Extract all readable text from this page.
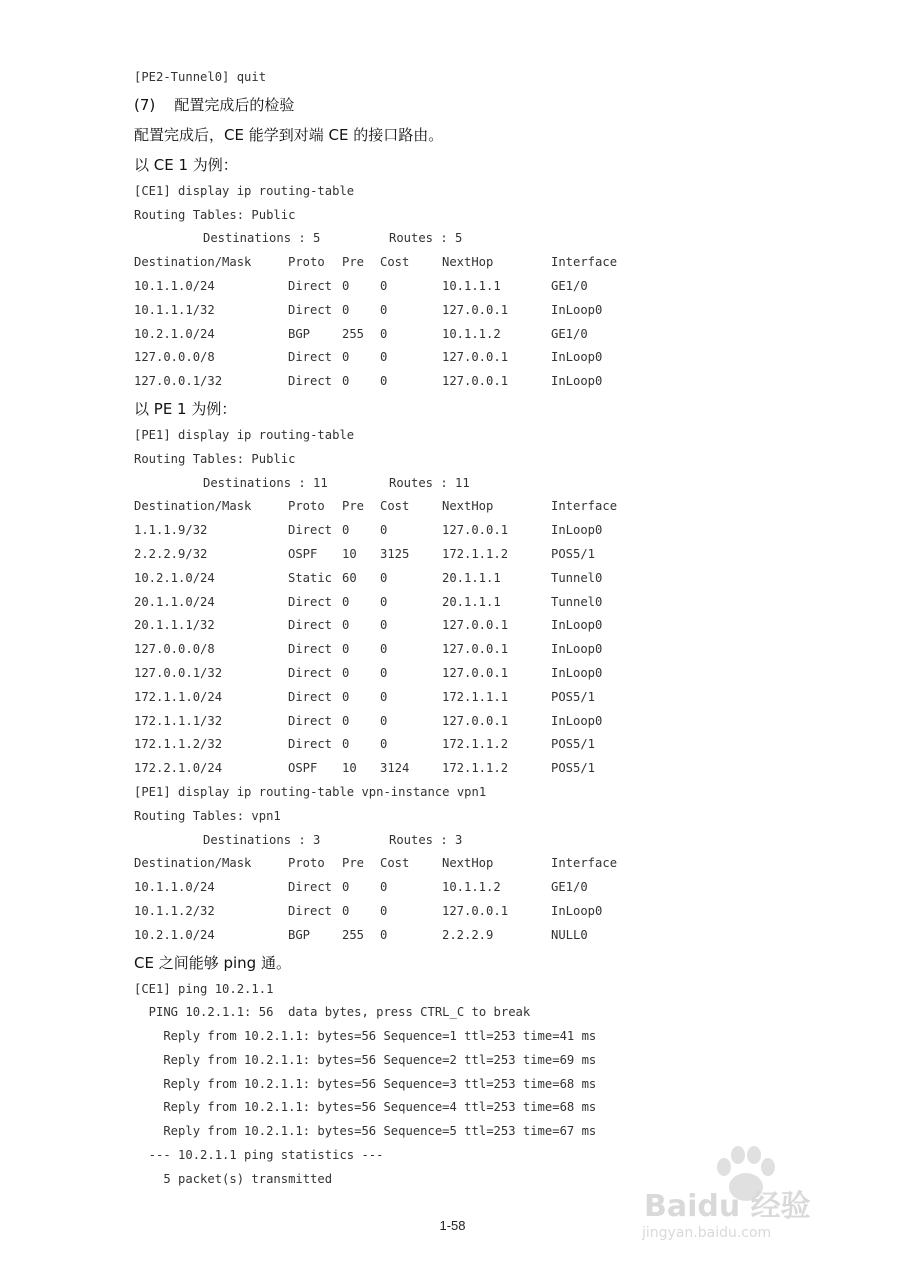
[PE2-Tunnel0] quit
(7)    配置完成后的检验
配置完成后，CE 能学到对端 CE 的接口路由。
以 CE 1 为例：
[CE1] display ip routing-table
Routing Tables: Public
Destinations : 5	Routes : 5
Destination/Mask	Proto	Pre	Cost	NextHop	Interface
10.1.1.0/24	Direct 0	0	10.1.1.1	GE1/0
10.1.1.1/32	Direct 0	0	127.0.0.1	InLoop0
10.2.1.0/24	BGP	255	0	10.1.1.2	GE1/0
127.0.0.0/8	Direct 0	0	127.0.0.1	InLoop0
127.0.0.1/32	Direct 0	0	127.0.0.1	InLoop0
以 PE 1 为例：
[PE1] display ip routing-table
Routing Tables: Public
Destinations : 11	Routes : 11
Destination/Mask	Proto	Pre	Cost	NextHop	Interface
1.1.1.9/32	Direct 0	0	127.0.0.1	InLoop0
2.2.2.9/32	OSPF	10	3125	172.1.1.2	POS5/1
10.2.1.0/24	Static 60	0	20.1.1.1	Tunnel0
20.1.1.0/24	Direct 0	0	20.1.1.1	Tunnel0
20.1.1.1/32	Direct 0	0	127.0.0.1	InLoop0
127.0.0.0/8	Direct 0	0	127.0.0.1	InLoop0
127.0.0.1/32	Direct 0	0	127.0.0.1	InLoop0
172.1.1.0/24	Direct 0	0	172.1.1.1	POS5/1
172.1.1.1/32	Direct 0	0	127.0.0.1	InLoop0
172.1.1.2/32	Direct 0	0	172.1.1.2	POS5/1
172.2.1.0/24	OSPF	10	3124	172.1.1.2	POS5/1
[PE1] display ip routing-table vpn-instance vpn1
Routing Tables: vpn1
Destinations : 3	Routes : 3
Destination/Mask	Proto	Pre	Cost	NextHop	Interface
10.1.1.0/24	Direct 0	0	10.1.1.2	GE1/0
10.1.1.2/32	Direct 0	0	127.0.0.1	InLoop0
10.2.1.0/24	BGP	255	0	2.2.2.9	NULL0
CE 之间能够 ping 通。
[CE1] ping 10.2.1.1
PING 10.2.1.1: 56  data bytes, press CTRL_C to break
Reply from 10.2.1.1: bytes=56 Sequence=1 ttl=253 time=41 ms
Reply from 10.2.1.1: bytes=56 Sequence=2 ttl=253 time=69 ms
Reply from 10.2.1.1: bytes=56 Sequence=3 ttl=253 time=68 ms
Reply from 10.2.1.1: bytes=56 Sequence=4 ttl=253 time=68 ms
Reply from 10.2.1.1: bytes=56 Sequence=5 ttl=253 time=67 ms
--- 10.2.1.1 ping statistics ---
5 packet(s) transmitted
1-58
Baidu 经验
jingyan.baidu.com
